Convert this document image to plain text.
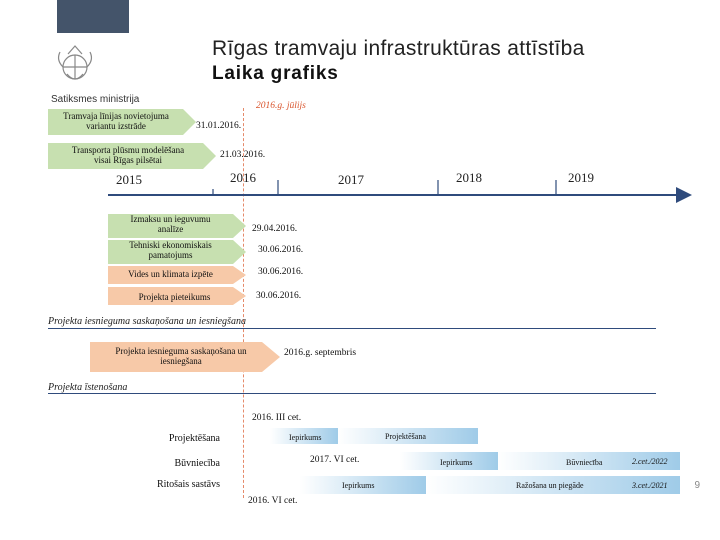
Satiksmes ministrija
Rīgas tramvaju infrastruktūras attīstība
Laika grafiks
2016.g. jūlijs
Tramvaja līnijas novietojuma
variantu izstrāde	31.01.2016.
Transporta plūsmu modelēšana
visai Rīgas pilsētai	21.03.2016.
2015	2016	2017	2018	2019
Izmaksu un ieguvumu
analīze	29.04.2016.
Tehniski ekonomiskais
pamatojums	30.06.2016.
Vides un klimata izpēte	30.06.2016.
Projekta pieteikums	30.06.2016.
Projekta iesnieguma saskaņošana un iesniegšana
Projekta iesnieguma saskaņošana un
iesniegšana
2016.g. septembris
Projekta īstenošana
2016. III cet.
Projektēšana	Iepirkums	Projektēšana
2017. VI cet.
Būvniecība	Iepirkums	Būvniecība	2.cet./2022
Ritošais sastāvs	Iepirkums	Ražošana un piegāde	3.cet./2021
2016. VI cet.
9
